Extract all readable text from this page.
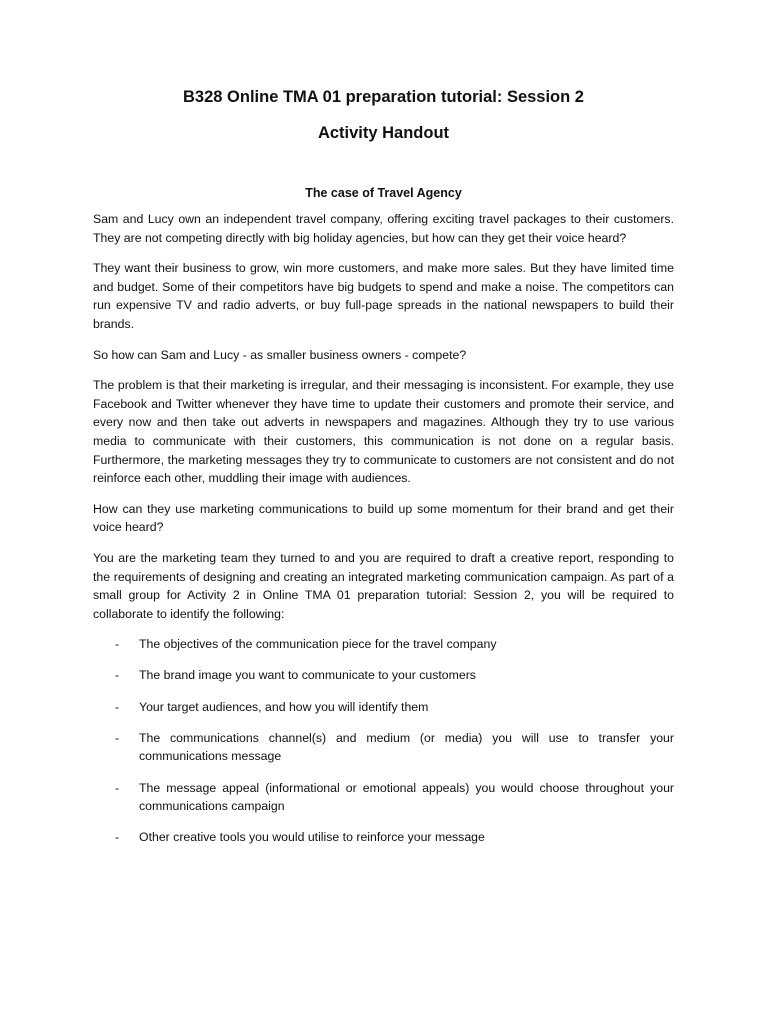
B328 Online TMA 01 preparation tutorial: Session 2
Activity Handout
The case of Travel Agency

Sam and Lucy own an independent travel company, offering exciting travel packages to their customers. They are not competing directly with big holiday agencies, but how can they get their voice heard?

They want their business to grow, win more customers, and make more sales. But they have limited time and budget. Some of their competitors have big budgets to spend and make a noise. The competitors can run expensive TV and radio adverts, or buy full-page spreads in the national newspapers to build their brands.

So how can Sam and Lucy - as smaller business owners - compete?

The problem is that their marketing is irregular, and their messaging is inconsistent. For example, they use Facebook and Twitter whenever they have time to update their customers and promote their service, and every now and then take out adverts in newspapers and magazines. Although they try to use various media to communicate with their customers, this communication is not done on a regular basis. Furthermore, the marketing messages they try to communicate to customers are not consistent and do not reinforce each other, muddling their image with audiences.

How can they use marketing communications to build up some momentum for their brand and get their voice heard?

You are the marketing team they turned to and you are required to draft a creative report, responding to the requirements of designing and creating an integrated marketing communication campaign. As part of a small group for Activity 2 in Online TMA 01 preparation tutorial: Session 2, you will be required to collaborate to identify the following:

- The objectives of the communication piece for the travel company
- The brand image you want to communicate to your customers
- Your target audiences, and how you will identify them
- The communications channel(s) and medium (or media) you will use to transfer your communications message
- The message appeal (informational or emotional appeals) you would choose throughout your communications campaign
- Other creative tools you would utilise to reinforce your message
